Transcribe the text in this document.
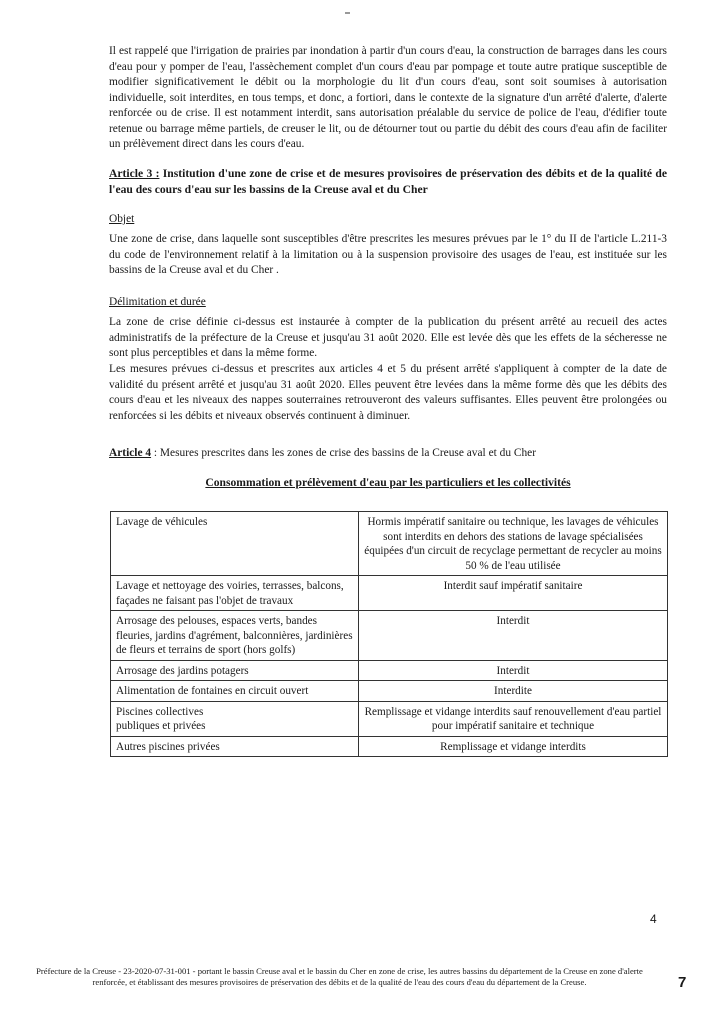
Il est rappelé que l'irrigation de prairies par inondation à partir d'un cours d'eau, la construction de barrages dans les cours d'eau pour y pomper de l'eau, l'assèchement complet d'un cours d'eau par pompage et toute autre pratique susceptible de modifier significativement le débit ou la morphologie du lit d'un cours d'eau, sont soit soumises à autorisation individuelle, soit interdites, en tous temps, et donc, a fortiori, dans le contexte de la signature d'un arrêté d'alerte, d'alerte renforcée ou de crise. Il est notamment interdit, sans autorisation préalable du service de police de l'eau, d'édifier toute retenue ou barrage même partiels, de creuser le lit, ou de détourner tout ou partie du débit des cours d'eau afin de faciliter un prélèvement direct dans les cours d'eau.

Article 3 : Institution d'une zone de crise et de mesures provisoires de préservation des débits et de la qualité de l'eau des cours d'eau sur les bassins de la Creuse aval et du Cher
Objet

Une zone de crise, dans laquelle sont susceptibles d'être prescrites les mesures prévues par le 1° du II de l'article L.211-3 du code de l'environnement relatif à la limitation ou à la suspension provisoire des usages de l'eau, est instituée sur les bassins de la Creuse aval et du Cher .

Délimitation et durée

La zone de crise définie ci-dessus est instaurée à compter de la publication du présent arrêté au recueil des actes administratifs de la préfecture de la Creuse et jusqu'au 31 août 2020. Elle est levée dès que les effets de la sécheresse ne sont plus perceptibles et dans la même forme.

Les mesures prévues ci-dessus et prescrites aux articles 4 et 5 du présent arrêté s'appliquent à compter de la date de validité du présent arrêté et jusqu'au 31 août 2020. Elles peuvent être levées dans la même forme dès que les débits des cours d'eau et les niveaux des nappes souterraines retrouveront des valeurs suffisantes. Elles peuvent être prolongées ou renforcées si les débits et niveaux observés continuent à diminuer.

Article 4 : Mesures prescrites dans les zones de crise des bassins de la Creuse aval et du Cher
Consommation et prélèvement d'eau par les particuliers et les collectivités
Lavage de véhicules	Hormis impératif sanitaire ou technique, les lavages de véhicules sont interdits en dehors des stations de lavage spécialisées équipées d'un circuit de recyclage permettant de recycler au moins 50 % de l'eau utilisée
Lavage et nettoyage des voiries, terrasses, balcons, façades ne faisant pas l'objet de travaux	Interdit sauf impératif sanitaire
Arrosage des pelouses, espaces verts, bandes fleuries, jardins d'agrément, balconnières, jardinières de fleurs et terrains de sport (hors golfs)	Interdit
Arrosage des jardins potagers	Interdit
Alimentation de fontaines en circuit ouvert	Interdite
Piscines collectives
publiques et privées	Remplissage et vidange interdits sauf renouvellement d'eau partiel pour impératif sanitaire et technique
Autres piscines privées	Remplissage et vidange interdits
4
Préfecture de la Creuse - 23-2020-07-31-001 - portant le bassin Creuse aval et le bassin du Cher en zone de crise, les autres bassins du département de la Creuse en zone d'alerte renforcée, et établissant des mesures provisoires de préservation des débits et de la qualité de l'eau des cours d'eau du département de la Creuse.	7
